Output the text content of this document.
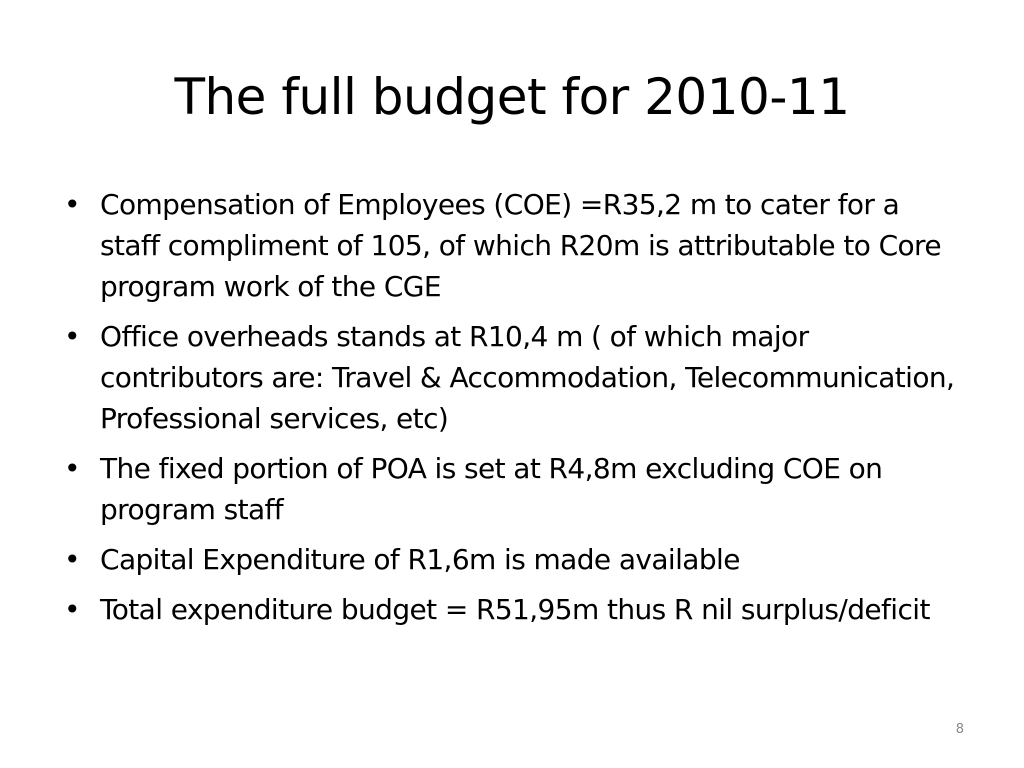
The full budget for 2010-11
• Compensation of Employees (COE) =R35,2 m to cater for a staff compliment of 105, of which R20m is attributable to Core program work of the CGE
• Office overheads stands at R10,4 m ( of which major contributors are: Travel & Accommodation, Telecommunication, Professional services, etc)
• The fixed portion of POA is set at R4,8m excluding COE on program staff
• Capital Expenditure of R1,6m is made available
• Total expenditure budget = R51,95m thus R nil surplus/deficit
8
